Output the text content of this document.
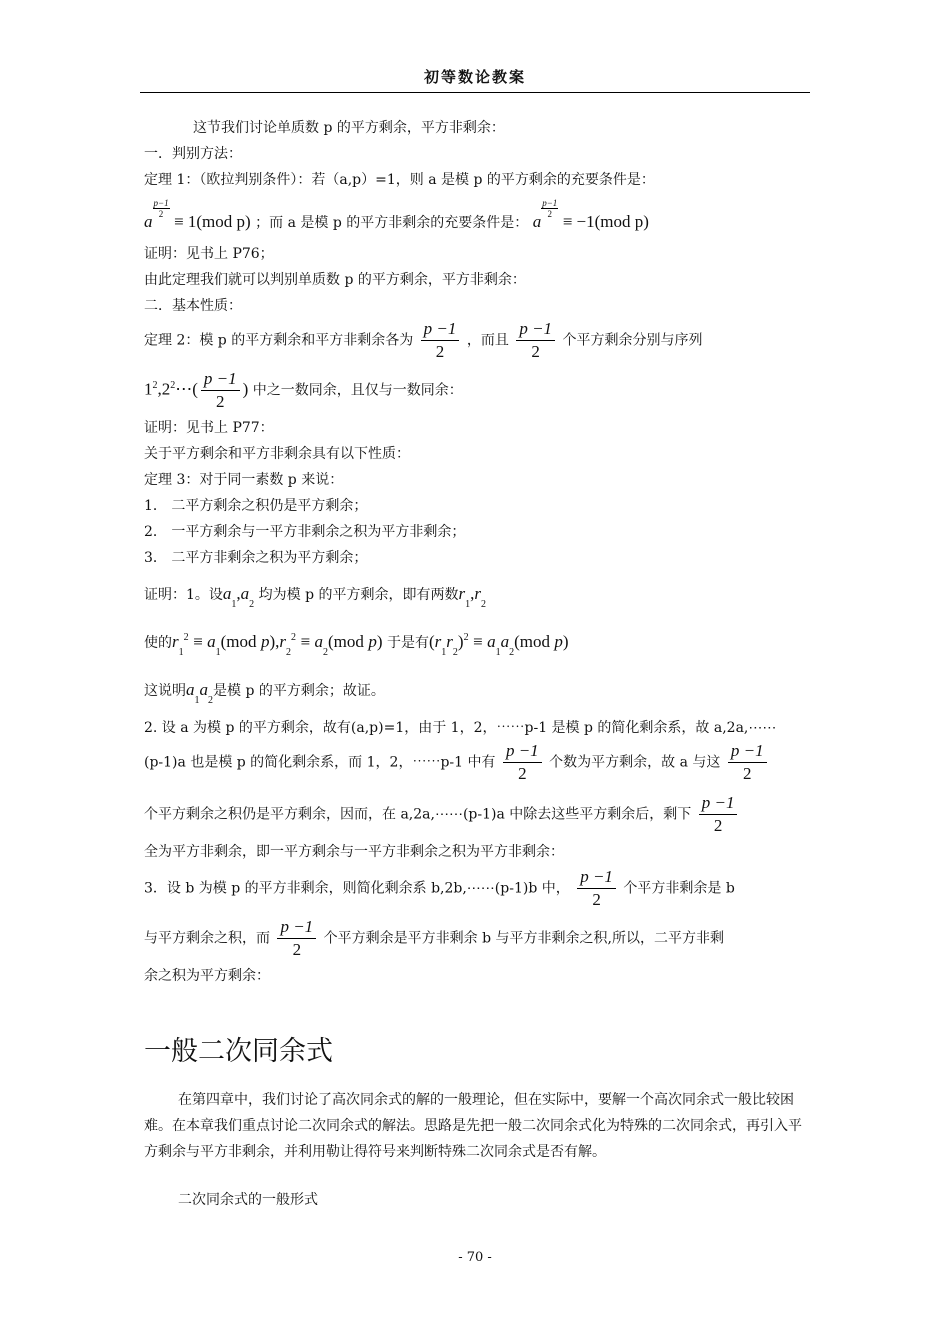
初等数论教案
这节我们讨论单质数 p 的平方剩余，平方非剩余：
一．判别方法：
定理 1：（欧拉判别条件）：若（a,p）=1，则 a 是模 p 的平方剩余的充要条件是：
a
$\frac{p-1}{2}$
≡ 1(mod p) ；而 a 是模 p 的平方非剩余的充要条件是： a
$\frac{p-1}{2}$
≡ −1(mod p)
证明：见书上 P76；
由此定理我们就可以判别单质数 p 的平方剩余，平方非剩余：
二．基本性质：
定理 2：模 p 的平方剩余和平方非剩余各为 $\frac{p -1}{2}$ ，而且 $\frac{p -1}{2}$ 个平方剩余分别与序列
$1^2,2^2\cdots( \frac{p -1}{2}$ ) 中之一数同余，且仅与一数同余：
证明：见书上 P77：
关于平方剩余和平方非剩余具有以下性质：
定理 3：对于同一素数 p 来说：
1． 二平方剩余之积仍是平方剩余；
2． 一平方剩余与一平方非剩余之积为平方非剩余；
3． 二平方非剩余之积为平方剩余；
证明：1。设$a_1,a_2$ 均为模 p 的平方剩余，即有两数$r_1,r_2$
使的$r_1^2 \equiv a_1(mod$ $p),r_2^2 \equiv a_2(mod$ p) 于是有$(r_1r_2)^2 \equiv a_1a_2(mod$ p)
这说明$a_1a_2$是模 p 的平方剩余；故证。
2. 设 a 为模 p 的平方剩余，故有(a,p)=1，由于 1，2，⋯⋯p-1 是模 p 的简化剩余系，故 a,2a,⋯⋯
(p-1)a 也是模 p 的简化剩余系，而 1，2，⋯⋯p-1 中有 $\frac{p -1}{2}$ 个数为平方剩余，故 a 与这 $\frac{p -1}{2}$
个平方剩余之积仍是平方剩余，因而，在 a,2a,⋯⋯(p-1)a 中除去这些平方剩余后，剩下 $\frac{p -1}{2}$
全为平方非剩余，即一平方剩余与一平方非剩余之积为平方非剩余：
3．设 b 为模 p 的平方非剩余，则简化剩余系 b,2b,⋯⋯(p-1)b 中， $\frac{p -1}{2}$ 个平方非剩余是 b
与平方剩余之积，而 $\frac{p -1}{2}$ 个平方剩余是平方非剩余 b 与平方非剩余之积,所以，二平方非剩
余之积为平方剩余：
一般二次同余式
在第四章中，我们讨论了高次同余式的解的一般理论，但在实际中，要解一个高次同余式一般比较困难。在本章我们重点讨论二次同余式的解法。思路是先把一般二次同余式化为特殊的二次同余式，再引入平方剩余与平方非剩余，并利用勒让得符号来判断特殊二次同余式是否有解。
二次同余式的一般形式
- 70 -
